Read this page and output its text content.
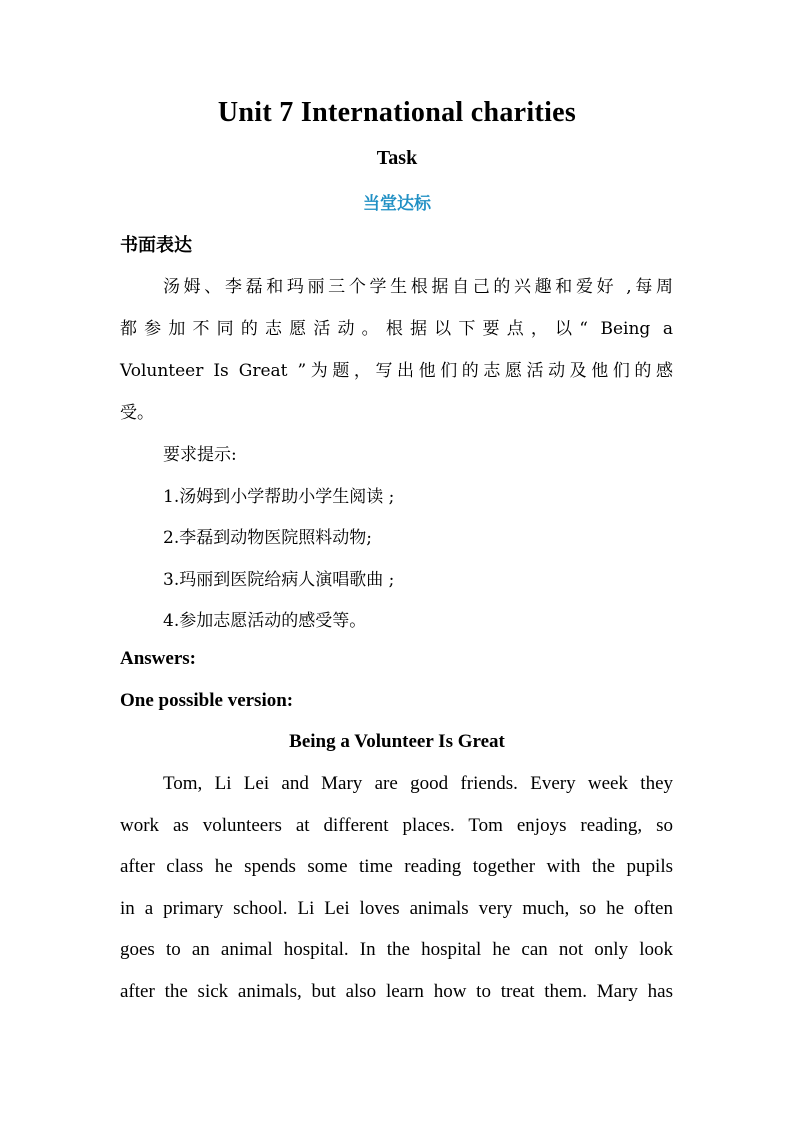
Unit 7 International charities
Task
当堂达标
书面表达
汤姆、李磊和玛丽三个学生根据自己的兴趣和爱好 ,每周
都参加不同的志愿活动。根据以下要点，以“ Being a
Volunteer Is Great ”为题，写出他们的志愿活动及他们的感
受。
要求提示:
1.汤姆到小学帮助小学生阅读 ;
2.李磊到动物医院照料动物;
3.玛丽到医院给病人演唱歌曲 ;
4.参加志愿活动的感受等。
Answers:
One possible version:
Being a Volunteer Is Great
Tom, Li Lei and Mary are good friends. Every week they
work as volunteers at different places. Tom enjoys reading, so
after class he spends some time reading together with the pupils
in a primary school. Li Lei loves animals very much, so he often
goes to an animal hospital. In the hospital he can not only look
after the sick animals, but also learn how to treat them. Mary has
